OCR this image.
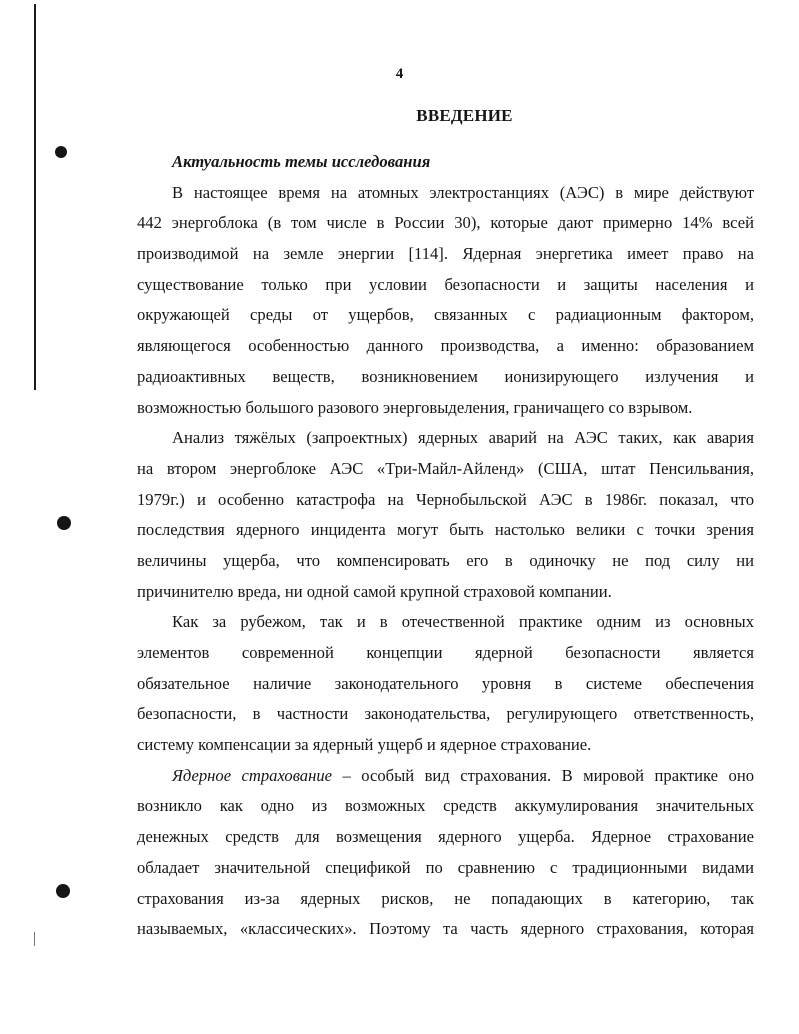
4
ВВЕДЕНИЕ
Актуальность темы исследования
В настоящее время на атомных электростанциях (АЭС) в мире действуют
442 энергоблока (в том числе в России 30), которые дают примерно 14% всей
производимой на земле энергии [114]. Ядерная энергетика имеет право на
существование только при условии безопасности и защиты населения и
окружающей среды от ущербов, связанных с радиационным фактором,
являющегося особенностью данного производства, а именно: образованием
радиоактивных веществ, возникновением ионизирующего излучения и
возможностью большого разового энерговыделения, граничащего со взрывом.
Анализ тяжёлых (запроектных) ядерных аварий на АЭС таких, как авария
на втором энергоблоке АЭС «Три-Майл-Айленд» (США, штат Пенсильвания,
1979г.) и особенно катастрофа на Чернобыльской АЭС в 1986г. показал, что
последствия ядерного инцидента могут быть настолько велики с точки зрения
величины ущерба, что компенсировать его в одиночку не под силу ни
причинителю вреда, ни одной самой крупной страховой компании.
Как за рубежом, так и в отечественной практике одним из основных
элементов современной концепции ядерной безопасности является
обязательное наличие законодательного уровня в системе обеспечения
безопасности, в частности законодательства, регулирующего ответственность,
систему компенсации за ядерный ущерб и ядерное страхование.
Ядерное страхование – особый вид страхования. В мировой практике оно
возникло как одно из возможных средств аккумулирования значительных
денежных средств для возмещения ядерного ущерба. Ядерное страхование
обладает значительной спецификой по сравнению с традиционными видами
страхования из-за ядерных рисков, не попадающих в категорию, так
называемых, «классических». Поэтому та часть ядерного страхования, которая
